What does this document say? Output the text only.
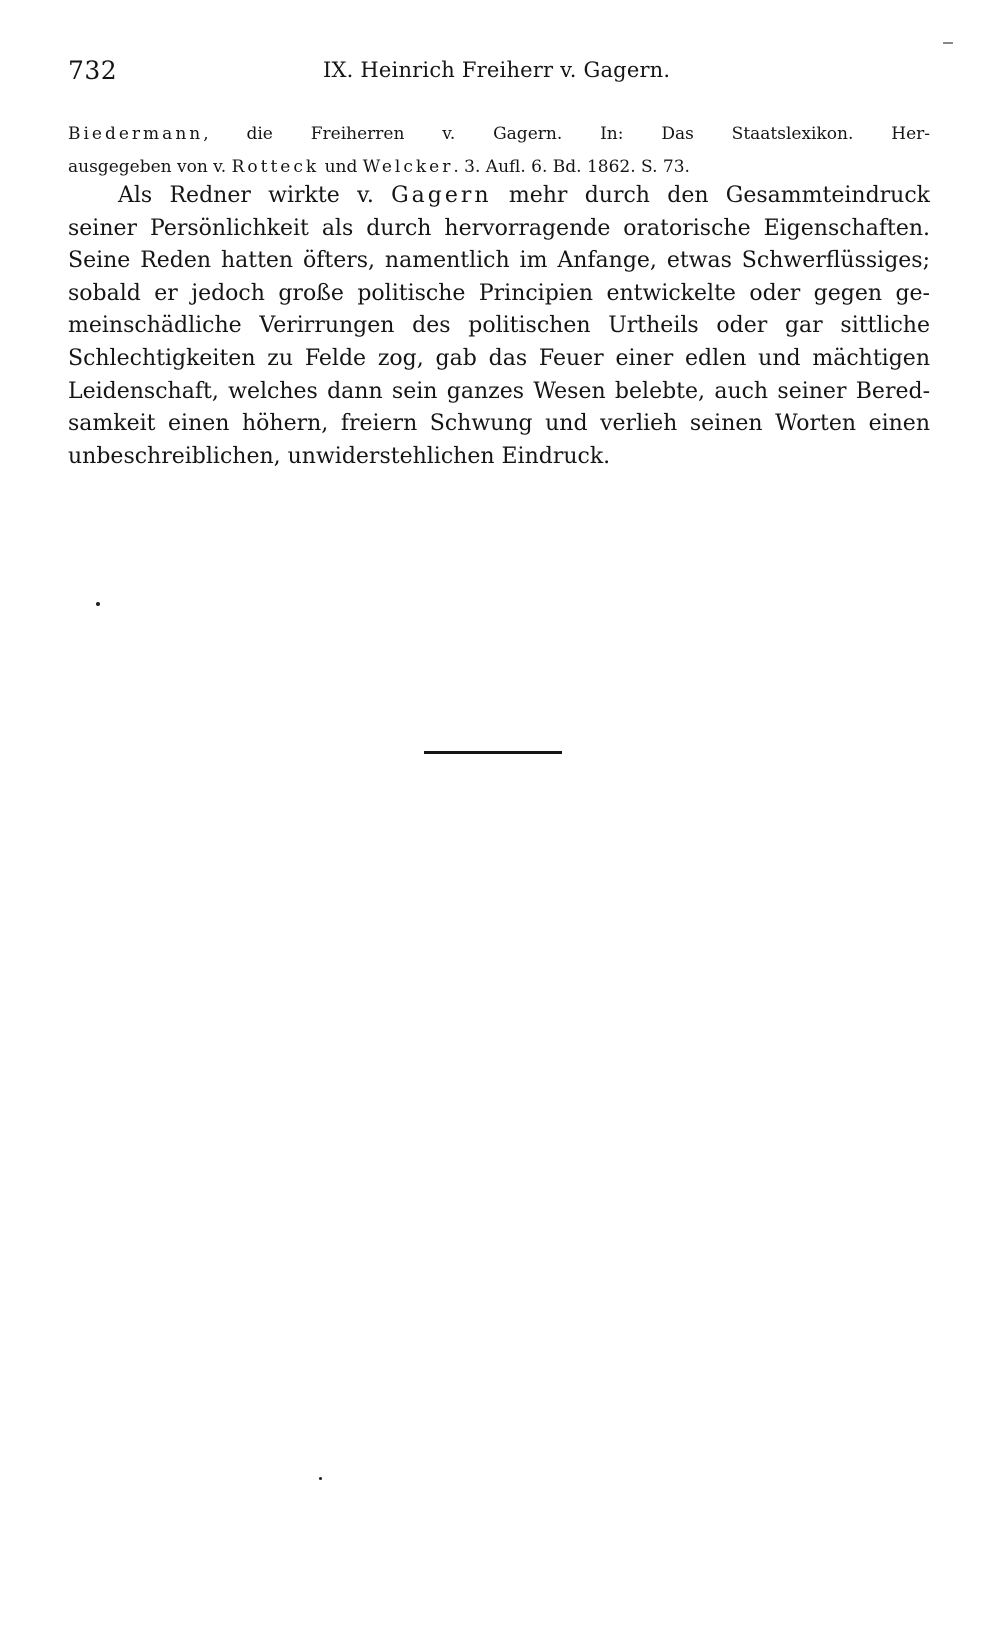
732	IX. Heinrich Freiherr v. Gagern.
Biedermann, die Freiherren v. Gagern. In: Das Staatslexikon. Her-
ausgegeben von v. Rotteck und Welcker. 3. Aufl. 6. Bd. 1862. S. 73.
Als Redner wirkte v. Gagern mehr durch den Gesammteindruck
seiner Persönlichkeit als durch hervorragende oratorische Eigenschaften.
Seine Reden hatten öfters, namentlich im Anfange, etwas Schwerflüssiges;
sobald er jedoch große politische Principien entwickelte oder gegen ge-
meinschädliche Verirrungen des politischen Urtheils oder gar sittliche
Schlechtigkeiten zu Felde zog, gab das Feuer einer edlen und mächtigen
Leidenschaft, welches dann sein ganzes Wesen belebte, auch seiner Bered-
samkeit einen höhern, freiern Schwung und verlieh seinen Worten einen
unbeschreiblichen, unwiderstehlichen Eindruck.
